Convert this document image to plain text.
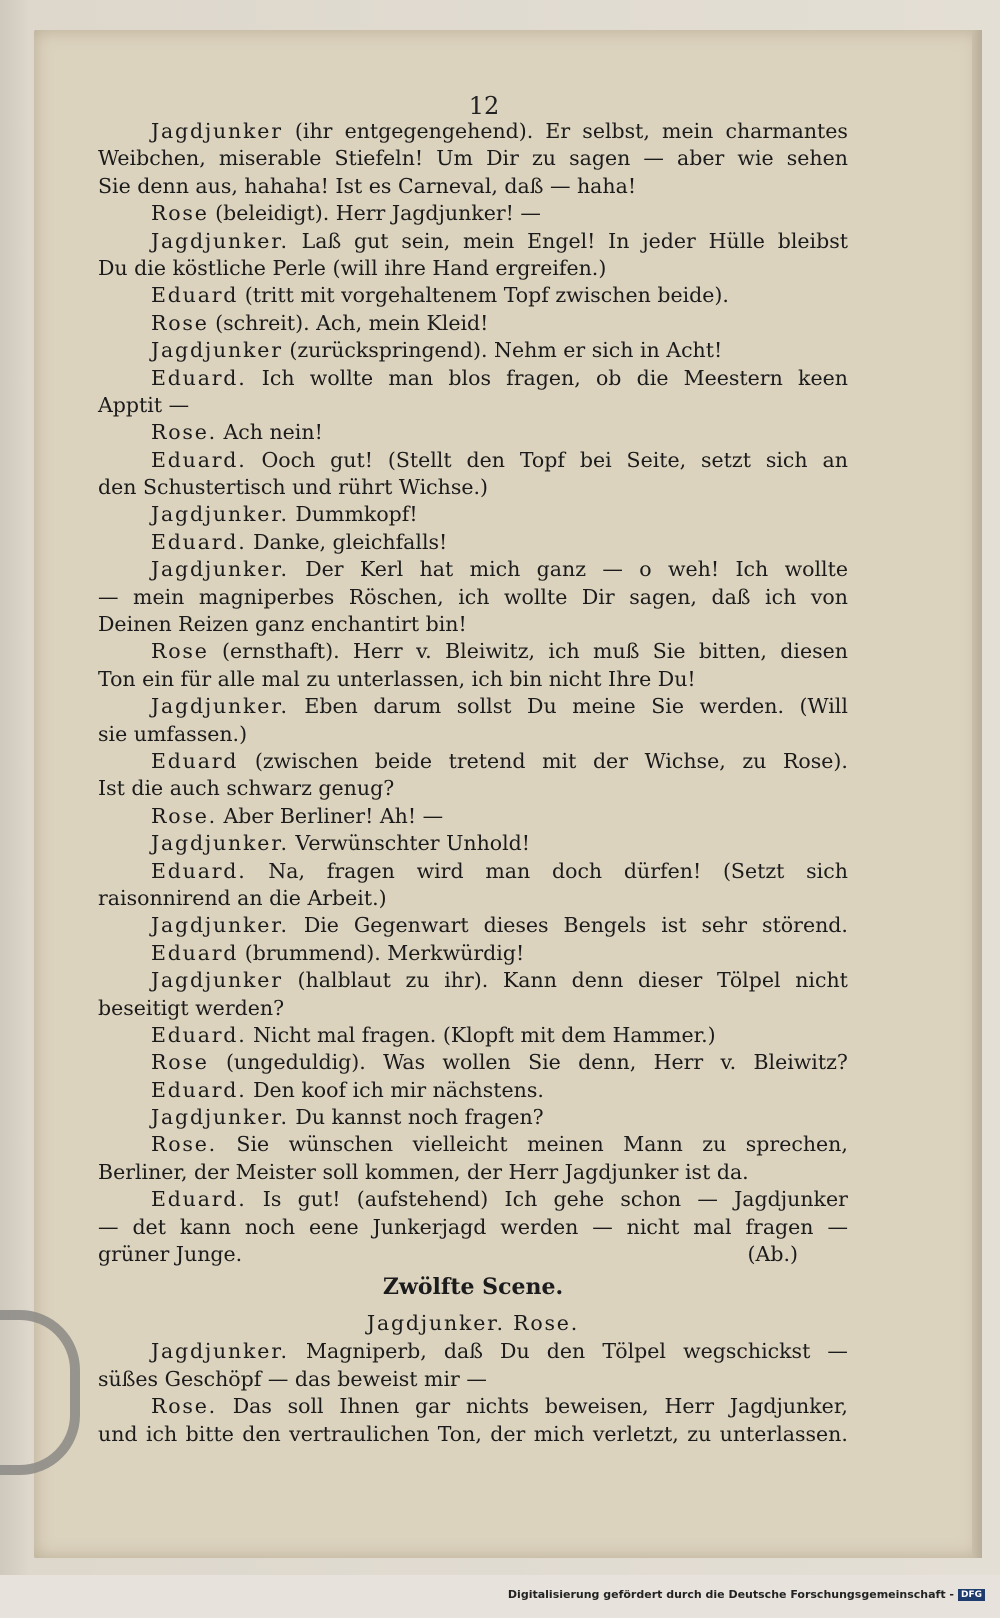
12
Jagdjunker (ihr entgegengehend). Er selbst, mein charmantes
Weibchen, miserable Stiefeln! Um Dir zu sagen — aber wie sehen
Sie denn aus, hahaha! Ist es Carneval, daß — haha!
Rose (beleidigt). Herr Jagdjunker! —
Jagdjunker. Laß gut sein, mein Engel! In jeder Hülle bleibst
Du die köstliche Perle (will ihre Hand ergreifen.)
Eduard (tritt mit vorgehaltenem Topf zwischen beide).
Rose (schreit). Ach, mein Kleid!
Jagdjunker (zurückspringend). Nehm er sich in Acht!
Eduard. Ich wollte man blos fragen, ob die Meestern keen
Apptit —
Rose. Ach nein!
Eduard. Ooch gut! (Stellt den Topf bei Seite, setzt sich an
den Schustertisch und rührt Wichse.)
Jagdjunker. Dummkopf!
Eduard. Danke, gleichfalls!
Jagdjunker. Der Kerl hat mich ganz — o weh! Ich wollte
— mein magniperbes Röschen, ich wollte Dir sagen, daß ich von
Deinen Reizen ganz enchantirt bin!
Rose (ernsthaft). Herr v. Bleiwitz, ich muß Sie bitten, diesen
Ton ein für alle mal zu unterlassen, ich bin nicht Ihre Du!
Jagdjunker. Eben darum sollst Du meine Sie werden. (Will
sie umfassen.)
Eduard (zwischen beide tretend mit der Wichse, zu Rose).
Ist die auch schwarz genug?
Rose. Aber Berliner! Ah! —
Jagdjunker. Verwünschter Unhold!
Eduard. Na, fragen wird man doch dürfen! (Setzt sich
raisonnirend an die Arbeit.)
Jagdjunker. Die Gegenwart dieses Bengels ist sehr störend.
Eduard (brummend). Merkwürdig!
Jagdjunker (halblaut zu ihr). Kann denn dieser Tölpel nicht
beseitigt werden?
Eduard. Nicht mal fragen. (Klopft mit dem Hammer.)
Rose (ungeduldig). Was wollen Sie denn, Herr v. Bleiwitz?
Eduard. Den koof ich mir nächstens.
Jagdjunker. Du kannst noch fragen?
Rose. Sie wünschen vielleicht meinen Mann zu sprechen,
Berliner, der Meister soll kommen, der Herr Jagdjunker ist da.
Eduard. Is gut! (aufstehend) Ich gehe schon — Jagdjunker
— det kann noch eene Junkerjagd werden — nicht mal fragen —
grüner Junge.	(Ab.)
Zwölfte Scene.
Jagdjunker. Rose.
Jagdjunker. Magniperb, daß Du den Tölpel wegschickst —
süßes Geschöpf — das beweist mir —
Rose. Das soll Ihnen gar nichts beweisen, Herr Jagdjunker,
und ich bitte den vertraulichen Ton, der mich verletzt, zu unterlassen.
Digitalisierung gefördert durch die Deutsche Forschungsgemeinschaft - DFG
